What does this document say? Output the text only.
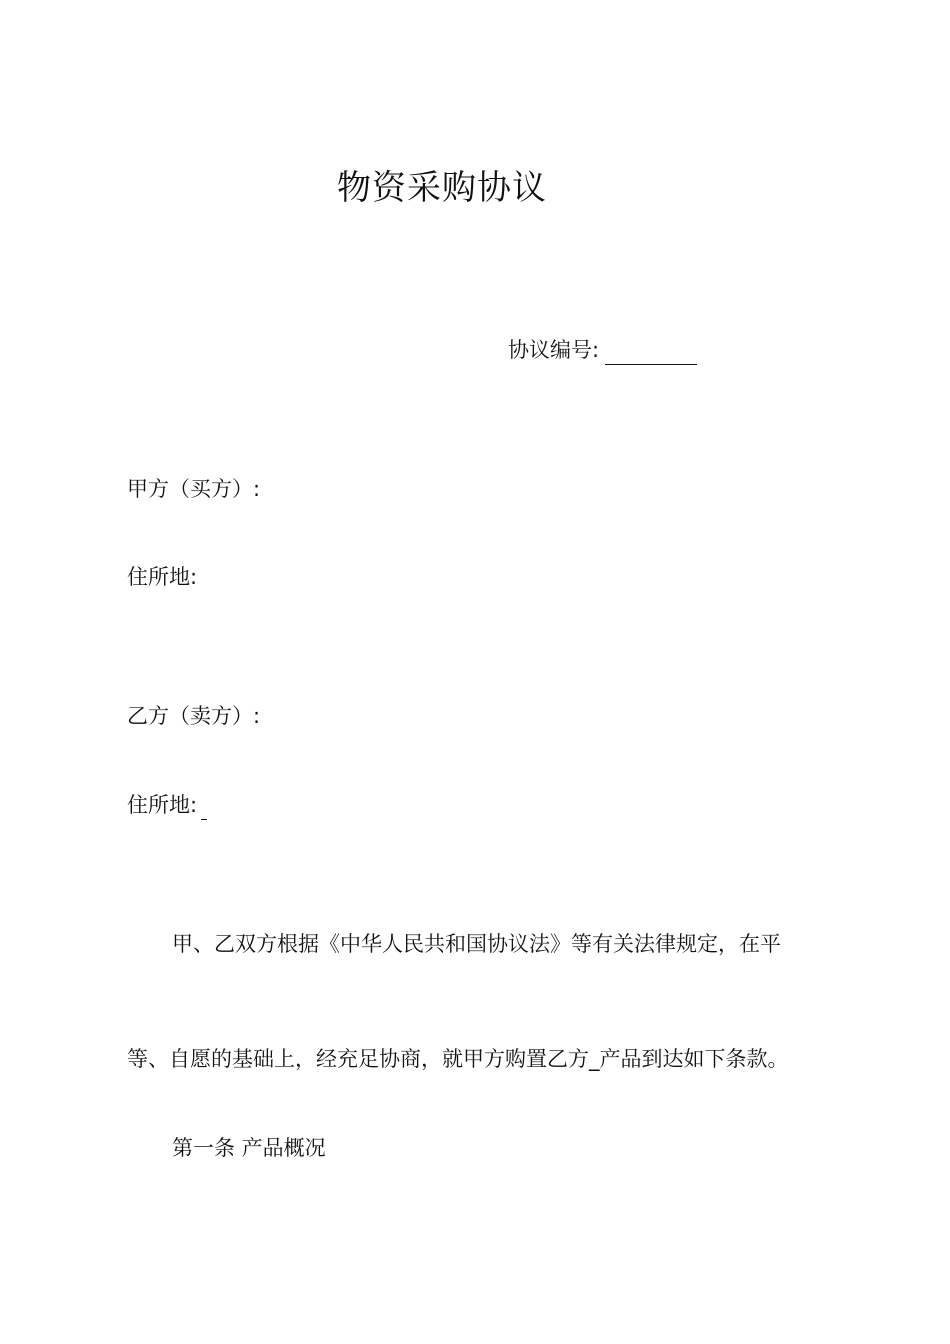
物资采购协议
协议编号:
甲方（买方）:
住所地:
乙方（卖方）:
住所地:
甲、乙双方根据《中华人民共和国协议法》等有关法律规定，在平
等、自愿的基础上，经充足协商，就甲方购置乙方_产品到达如下条款。
第一条 产品概况
